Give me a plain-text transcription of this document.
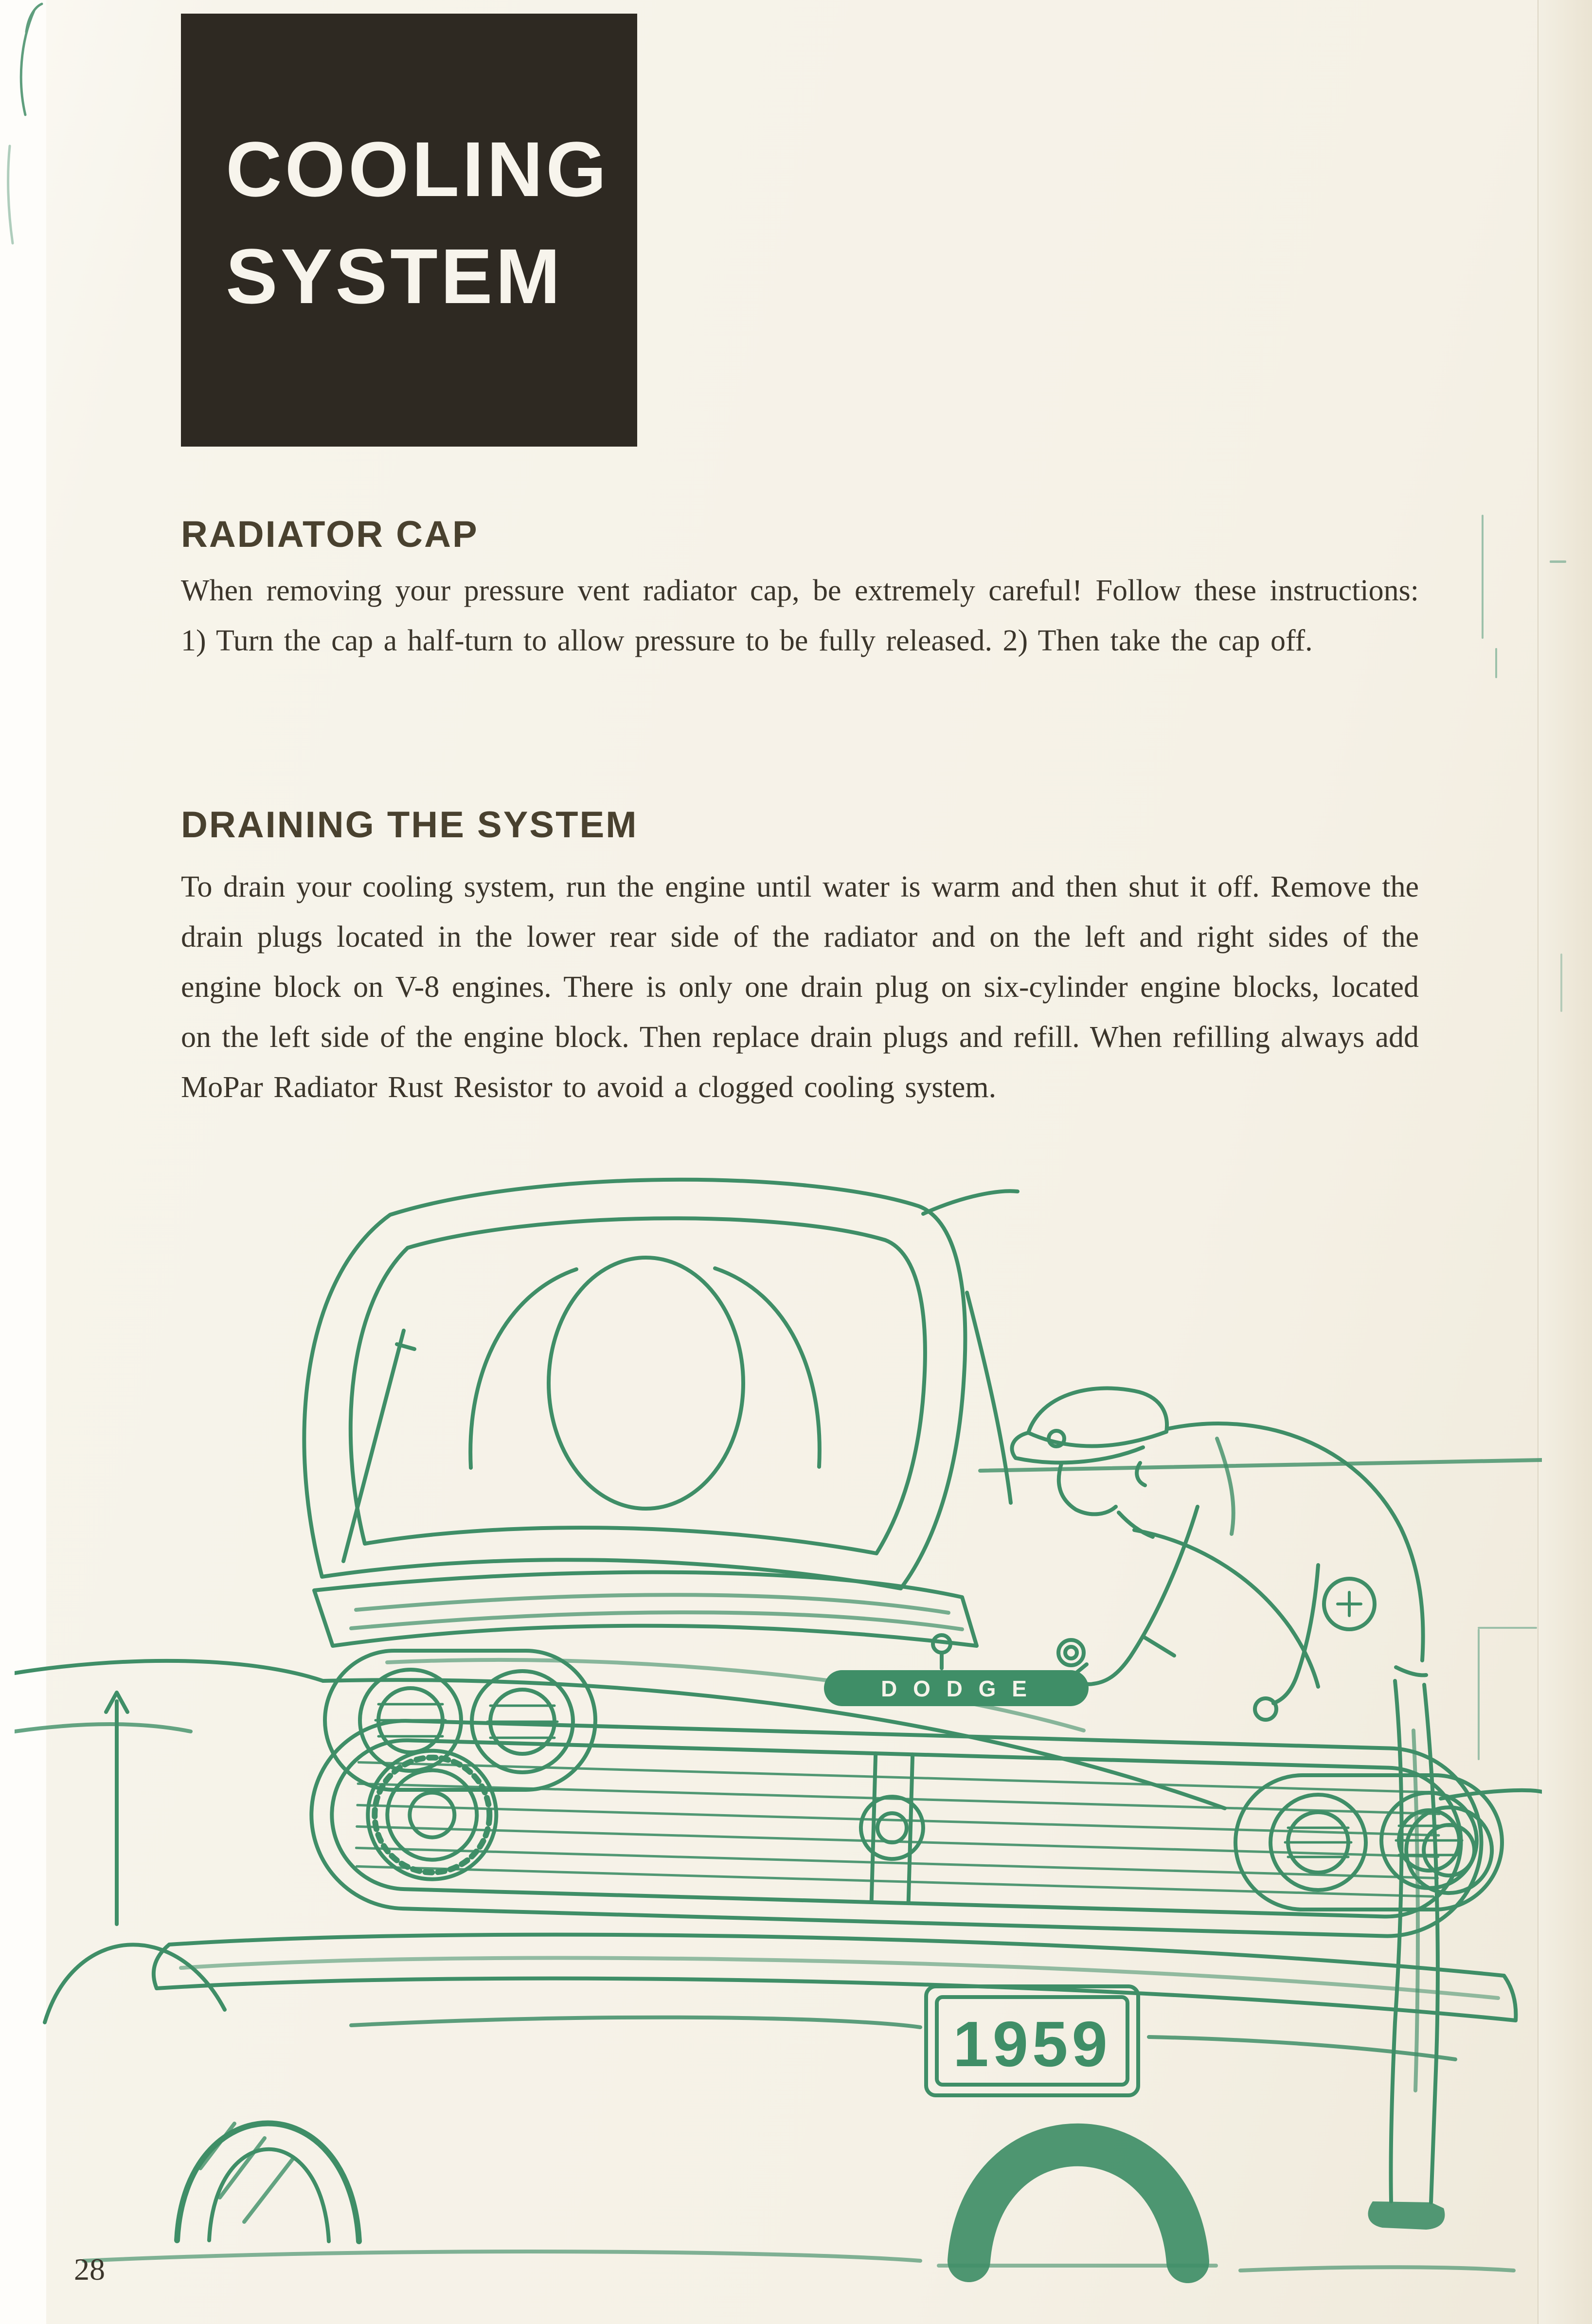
COOLING
SYSTEM
RADIATOR CAP

When removing your pressure vent radiator cap, be extremely careful! Follow these instructions: 1) Turn the cap a half-turn to allow pressure to be fully released. 2) Then take the cap off.

DRAINING THE SYSTEM

To drain your cooling system, run the engine until water is warm and then shut it off. Remove the drain plugs located in the lower rear side of the radiator and on the left and right sides of the engine block on V-8 engines. There is only one drain plug on six-cylinder engine blocks, located on the left side of the engine block. Then replace drain plugs and refill. When refilling always add MoPar Radiator Rust Resistor to avoid a clogged cooling system.

D O D G E
1959
28
